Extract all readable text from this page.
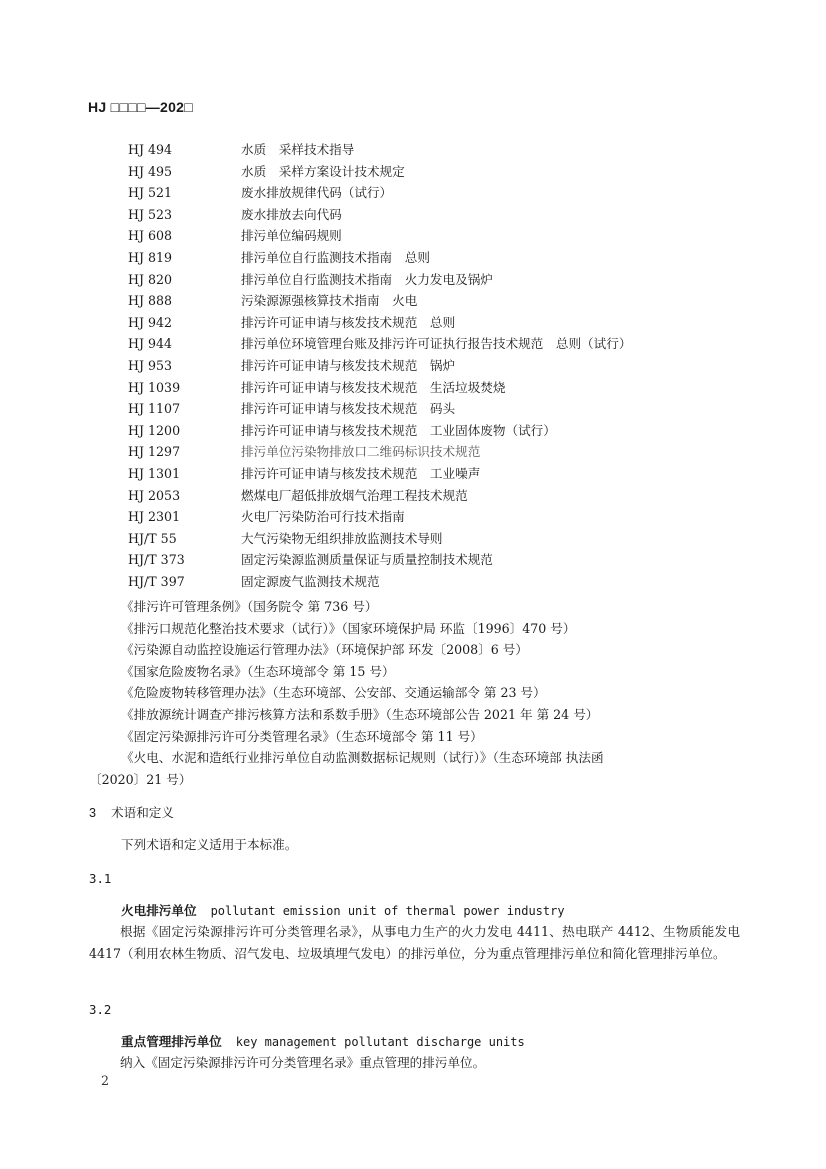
HJ □□□□—202□
HJ 494	水质　采样技术指导
HJ 495	水质　采样方案设计技术规定
HJ 521	废水排放规律代码（试行）
HJ 523	废水排放去向代码
HJ 608	排污单位编码规则
HJ 819	排污单位自行监测技术指南　总则
HJ 820	排污单位自行监测技术指南　火力发电及锅炉
HJ 888	污染源源强核算技术指南　火电
HJ 942	排污许可证申请与核发技术规范　总则
HJ 944	排污单位环境管理台账及排污许可证执行报告技术规范　总则（试行）
HJ 953	排污许可证申请与核发技术规范　锅炉
HJ 1039	排污许可证申请与核发技术规范　生活垃圾焚烧
HJ 1107	排污许可证申请与核发技术规范　码头
HJ 1200	排污许可证申请与核发技术规范　工业固体废物（试行）
HJ 1297	排污单位污染物排放口二维码标识技术规范
HJ 1301	排污许可证申请与核发技术规范　工业噪声
HJ 2053	燃煤电厂超低排放烟气治理工程技术规范
HJ 2301	火电厂污染防治可行技术指南
HJ/T 55	大气污染物无组织排放监测技术导则
HJ/T 373	固定污染源监测质量保证与质量控制技术规范
HJ/T 397	固定源废气监测技术规范
《排污许可管理条例》（国务院令 第 736 号）
《排污口规范化整治技术要求（试行）》（国家环境保护局 环监〔1996〕470 号）
《污染源自动监控设施运行管理办法》（环境保护部 环发〔2008〕6 号）
《国家危险废物名录》（生态环境部令 第 15 号）
《危险废物转移管理办法》（生态环境部、公安部、交通运输部令 第 23 号）
《排放源统计调查产排污核算方法和系数手册》（生态环境部公告 2021 年 第 24 号）
《固定污染源排污许可分类管理名录》（生态环境部令 第 11 号）
《火电、水泥和造纸行业排污单位自动监测数据标记规则（试行）》（生态环境部 执法函
〔2020〕21 号）
3 术语和定义
下列术语和定义适用于本标准。
3.1
火电排污单位 pollutant emission unit of thermal power industry
根据《固定污染源排污许可分类管理名录》，从事电力生产的火力发电 4411、热电联产 4412、生物质能发电 4417（利用农林生物质、沼气发电、垃圾填埋气发电）的排污单位，分为重点管理排污单位和简化管理排污单位。
3.2
重点管理排污单位 key management pollutant discharge units
纳入《固定污染源排污许可分类管理名录》重点管理的排污单位。
2
